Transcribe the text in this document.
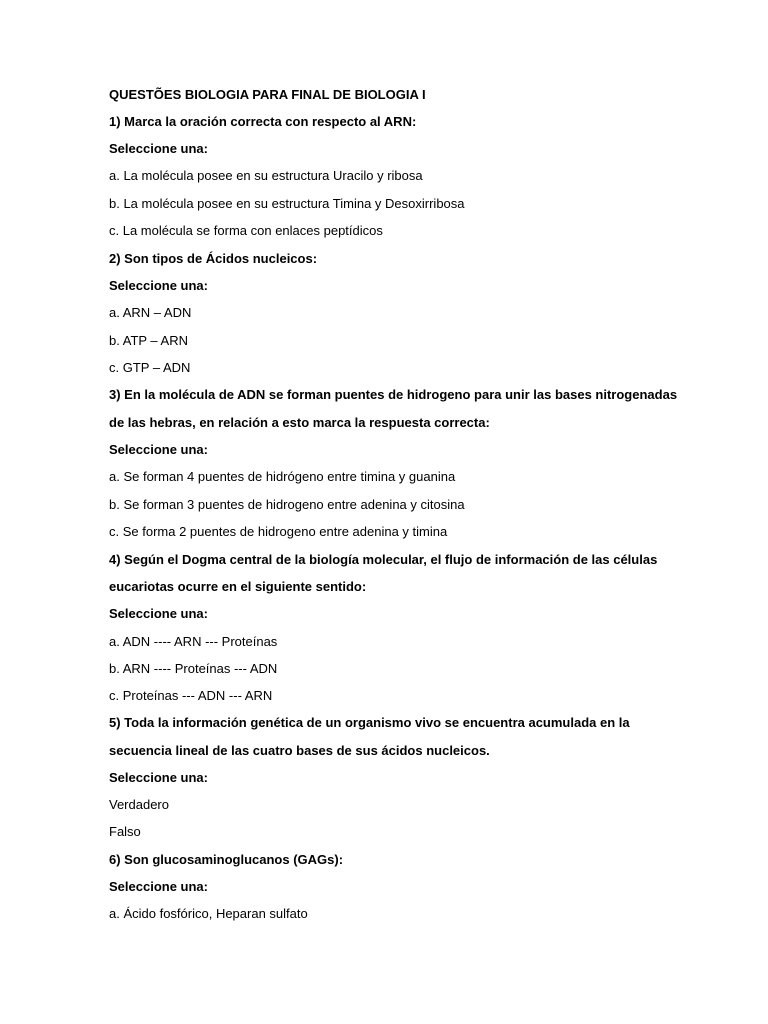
QUESTÕES BIOLOGIA PARA FINAL DE BIOLOGIA I
1) Marca la oración correcta con respecto al ARN:
Seleccione una:
a. La molécula posee en su estructura Uracilo y ribosa
b. La molécula posee en su estructura Timina y Desoxirribosa
c. La molécula se forma con enlaces peptídicos
2) Son tipos de Ácidos nucleicos:
Seleccione una:
a. ARN – ADN
b. ATP – ARN
c. GTP – ADN
3) En la molécula de ADN se forman puentes de hidrogeno para unir las bases nitrogenadas
de las hebras, en relación a esto marca la respuesta correcta:
Seleccione una:
a. Se forman 4 puentes de hidrógeno entre timina y guanina
b. Se forman 3 puentes de hidrogeno entre adenina y citosina
c. Se forma 2 puentes de hidrogeno entre adenina y timina
4) Según el Dogma central de la biología molecular, el flujo de información de las células
eucariotas ocurre en el siguiente sentido:
Seleccione una:
a. ADN ---- ARN --- Proteínas
b. ARN ---- Proteínas --- ADN
c. Proteínas --- ADN --- ARN
5) Toda la información genética de un organismo vivo se encuentra acumulada en la
secuencia lineal de las cuatro bases de sus ácidos nucleicos.
Seleccione una:
Verdadero
Falso
6) Son glucosaminoglucanos (GAGs):
Seleccione una:
a. Ácido fosfórico, Heparan sulfato
